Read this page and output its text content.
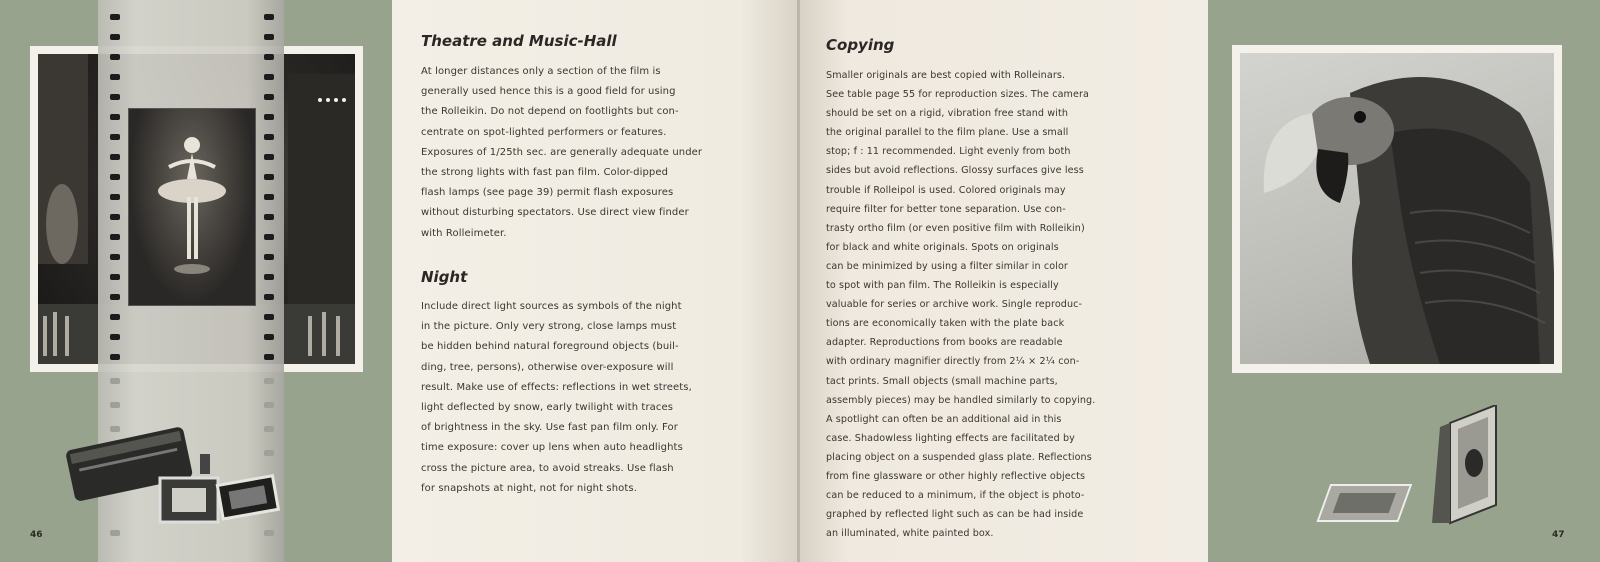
46
Theatre and Music-Hall
At longer distances only a section of the film is
generally used hence this is a good field for using
the Rolleikin. Do not depend on footlights but con-
centrate on spot-lighted performers or features.
Exposures of 1/25th sec. are generally adequate under
the strong lights with fast pan film. Color-dipped
flash lamps (see page 39) permit flash exposures
without disturbing spectators. Use direct view finder
with Rolleimeter.
Night
Include direct light sources as symbols of the night
in the picture. Only very strong, close lamps must
be hidden behind natural foreground objects (buil-
ding, tree, persons), otherwise over-exposure will
result. Make use of effects: reflections in wet streets,
light deflected by snow, early twilight with traces
of brightness in the sky. Use fast pan film only. For
time exposure: cover up lens when auto headlights
cross the picture area, to avoid streaks. Use flash
for snapshots at night, not for night shots.
Copying
Smaller originals are best copied with Rolleinars.
See table page 55 for reproduction sizes. The camera
should be set on a rigid, vibration free stand with
the original parallel to the film plane. Use a small
stop; f : 11 recommended. Light evenly from both
sides but avoid reflections. Glossy surfaces give less
trouble if Rolleipol is used. Colored originals may
require filter for better tone separation. Use con-
trasty ortho film (or even positive film with Rolleikin)
for black and white originals. Spots on originals
can be minimized by using a filter similar in color
to spot with pan film. The Rolleikin is especially
valuable for series or archive work. Single reproduc-
tions are economically taken with the plate back
adapter. Reproductions from books are readable
with ordinary magnifier directly from 2¼ × 2¼ con-
tact prints. Small objects (small machine parts,
assembly pieces) may be handled similarly to copying.
A spotlight can often be an additional aid in this
case. Shadowless lighting effects are facilitated by
placing object on a suspended glass plate. Reflections
from fine glassware or other highly reflective objects
can be reduced to a minimum, if the object is photo-
graphed by reflected light such as can be had inside
an illuminated, white painted box.	47
